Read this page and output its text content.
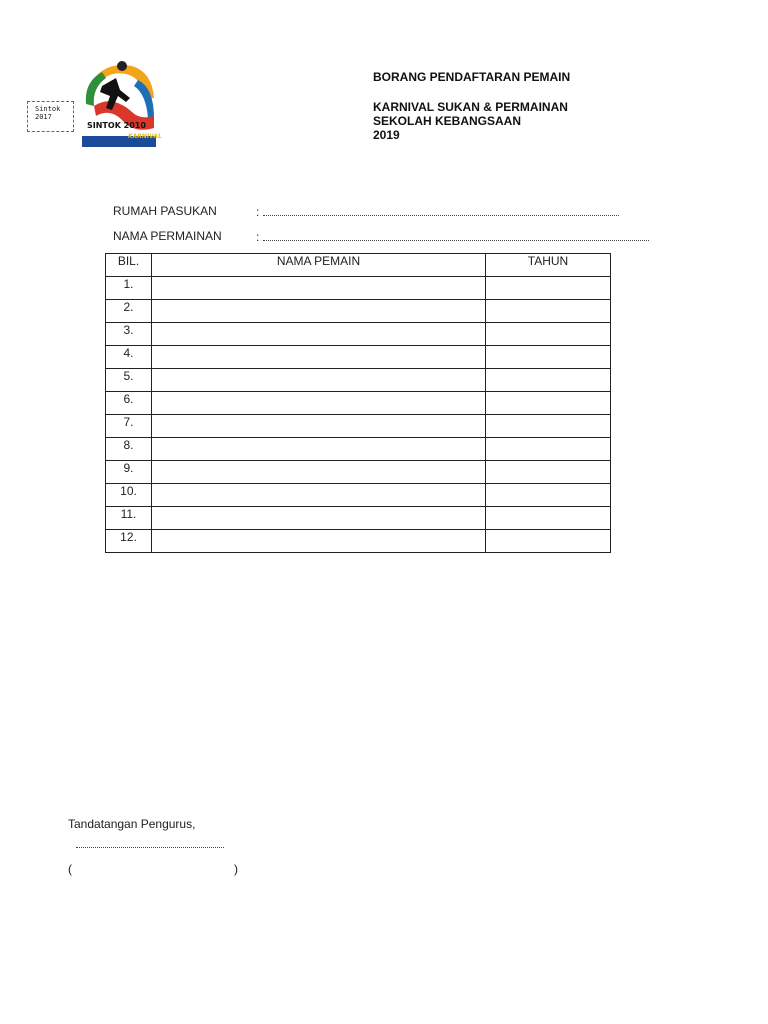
Sintok
2017
SINTOK 2010
KARNIVAL
BORANG PENDAFTARAN PEMAIN
KARNIVAL SUKAN & PERMAINAN
SEKOLAH KEBANGSAAN
2019
RUMAH PASUKAN	:
NAMA PERMAINAN	:
BIL.	NAMA PEMAIN	TAHUN
1.		
2.		
3.		
4.		
5.		
6.		
7.		
8.		
9.		
10.		
11.		
12.		
Tandatangan Pengurus,
(	)
